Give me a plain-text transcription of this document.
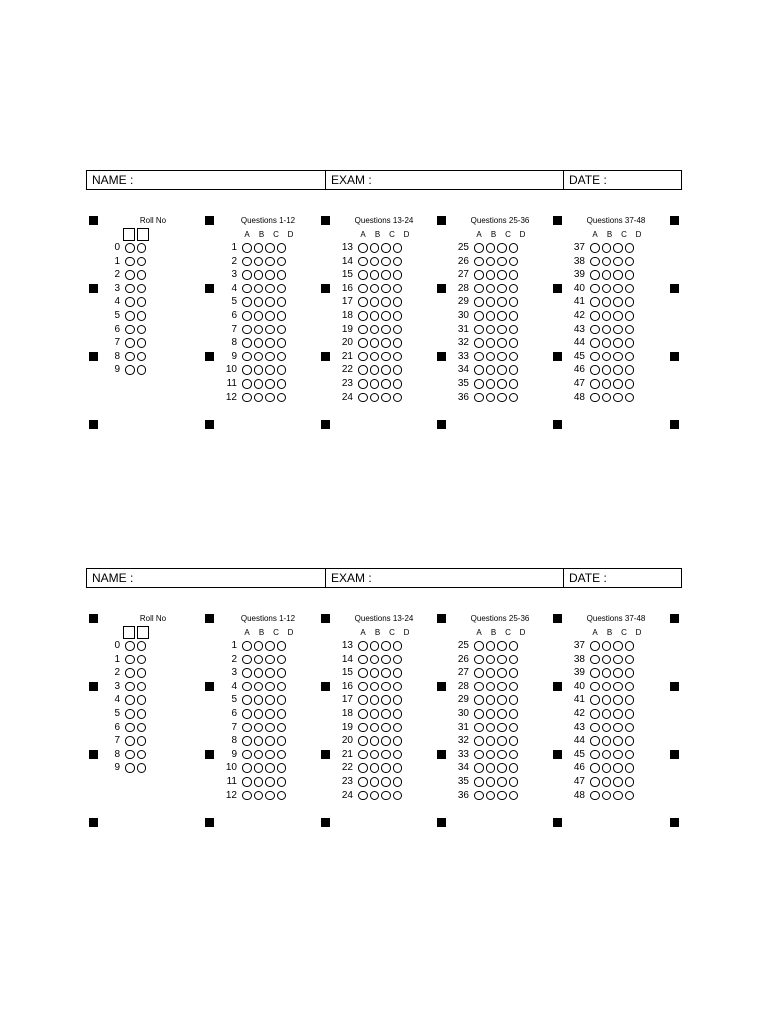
NAME :	EXAM :	DATE :
Roll No
0
1
2
3
4
5
6
7
8
9
Questions 1-12
A	B	C	D
1
2
3
4
5
6
7
8
9
10
11
12
Questions 13-24
A	B	C	D
13
14
15
16
17
18
19
20
21
22
23
24
Questions 25-36
A	B	C	D
25
26
27
28
29
30
31
32
33
34
35
36
Questions 37-48
A	B	C	D
37
38
39
40
41
42
43
44
45
46
47
48
NAME :	EXAM :	DATE :
Roll No
0
1
2
3
4
5
6
7
8
9
Questions 1-12
A	B	C	D
1
2
3
4
5
6
7
8
9
10
11
12
Questions 13-24
A	B	C	D
13
14
15
16
17
18
19
20
21
22
23
24
Questions 25-36
A	B	C	D
25
26
27
28
29
30
31
32
33
34
35
36
Questions 37-48
A	B	C	D
37
38
39
40
41
42
43
44
45
46
47
48
